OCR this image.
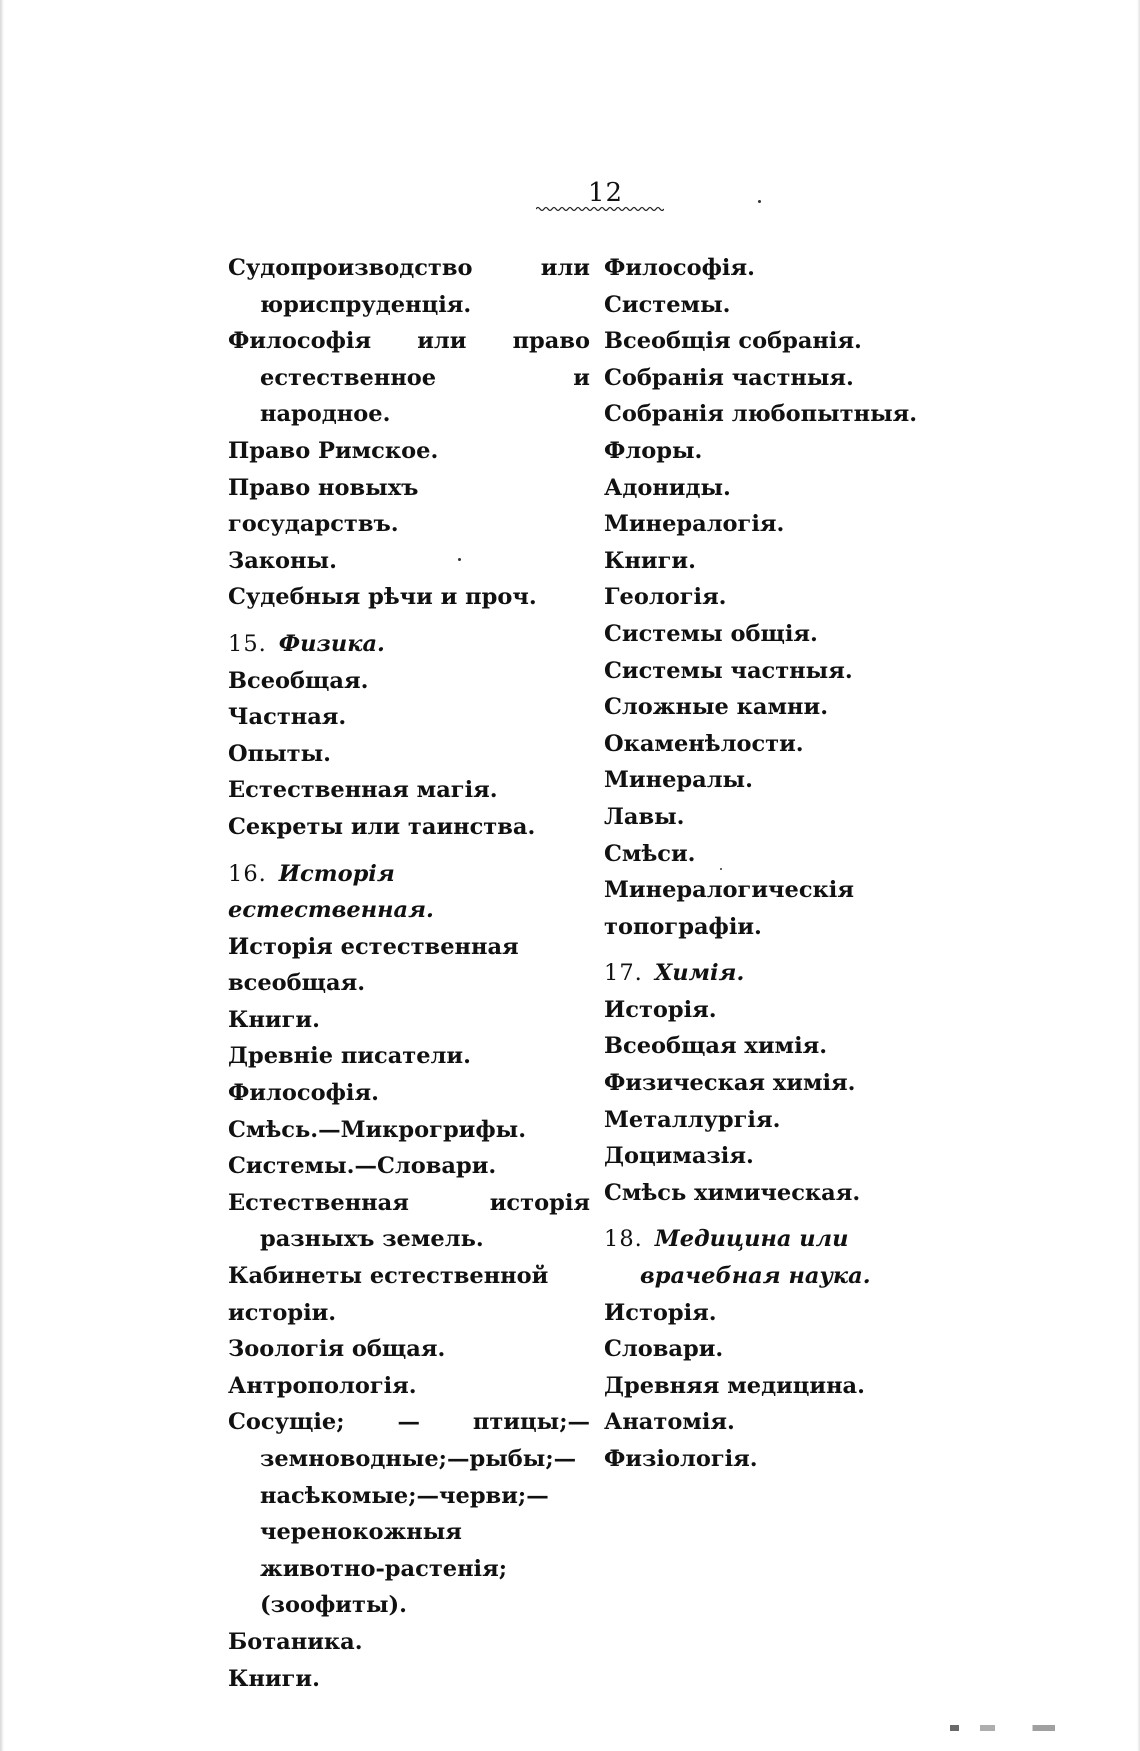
12

Судопроизводство или юриспруденція.

Философія или право естественное и народное.

Право Римское.

Право новыхъ государствъ.

Законы.

Судебныя рѣчи и проч.

15. Физика.

Всеобщая.

Частная.

Опыты.

Естественная магія.

Секреты или таинства.

16. Исторія естественная.

Исторія естественная всеобщая.

Книги.

Древніе писатели.

Философія.

Смѣсь.—Микрогрифы.

Системы.—Словари.

Естественная исторія разныхъ земель.

Кабинеты естественной исторіи.

Зоологія общая.

Антропологія.

Сосущіе; — птицы;—земноводные;—рыбы;—насѣкомые;—черви;—черенокожныя животно-растенія; (зоофиты).

Ботаника.

Книги.

Философія.

Системы.

Всеобщія собранія.

Собранія частныя.

Собранія любопытныя.

Флоры.

Адониды.

Минералогія.

Книги.

Геологія.

Системы общія.

Системы частныя.

Сложные камни.

Окаменѣлости.

Минералы.

Лавы.

Смѣси.

Минералогическія топографіи.

17. Химія.

Исторія.

Всеобщая химія.

Физическая химія.

Металлургія.

Доцимазія.

Смѣсь химическая.

18. Медицина или врачебная наука.

Исторія.

Словари.

Древняя медицина.

Анатомія.

Физіологія.
